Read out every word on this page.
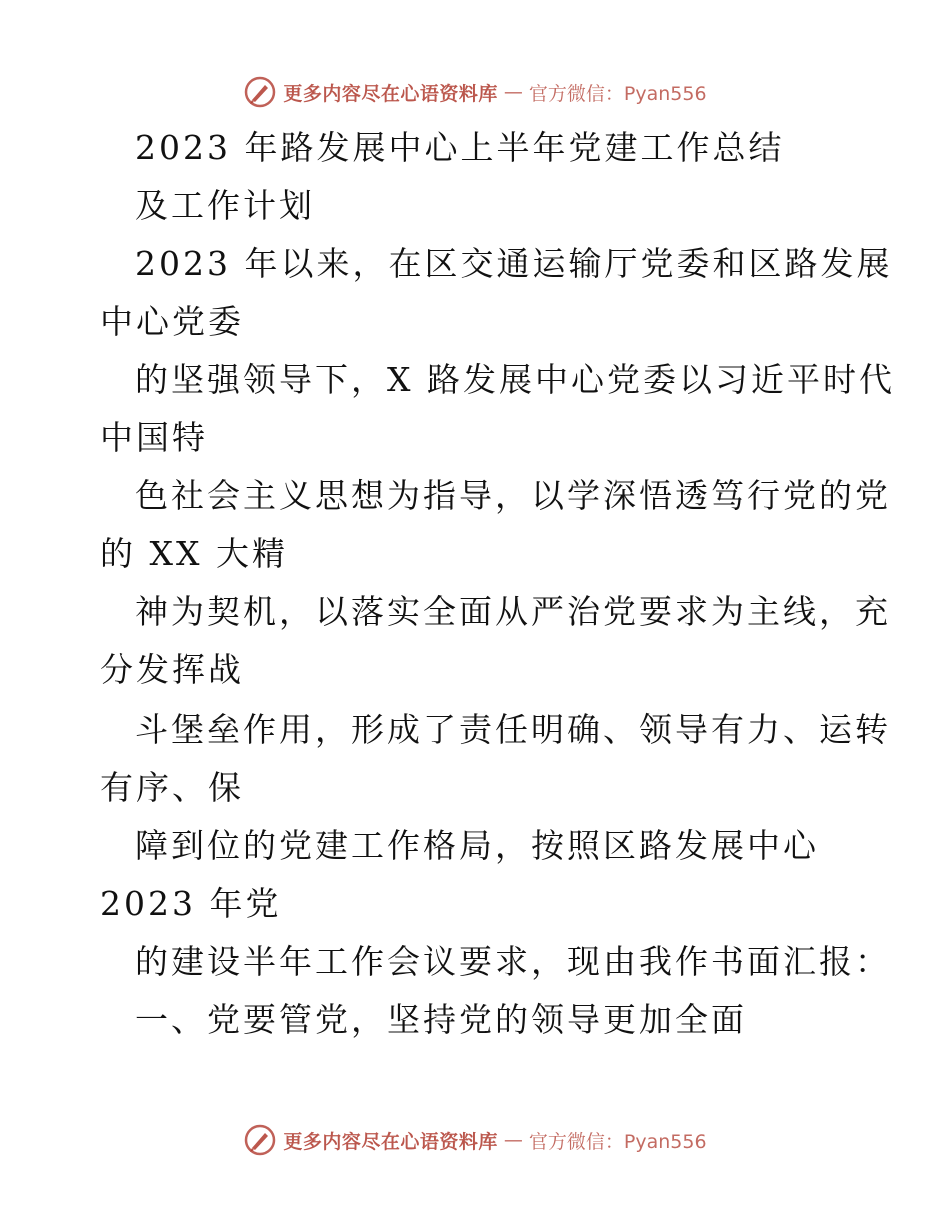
更多内容尽在心语资料库 — 官方微信：Pyan556
2023 年路发展中心上半年党建工作总结
及工作计划
2023 年以来，在区交通运输厅党委和区路发展
中心党委
的坚强领导下，X 路发展中心党委以习近平时代
中国特
色社会主义思想为指导，以学深悟透笃行党的党
的 XX 大精
神为契机，以落实全面从严治党要求为主线，充
分发挥战
斗堡垒作用，形成了责任明确、领导有力、运转
有序、保
障到位的党建工作格局，按照区路发展中心
2023 年党
的建设半年工作会议要求，现由我作书面汇报：
一、党要管党，坚持党的领导更加全面
更多内容尽在心语资料库 — 官方微信：Pyan556
